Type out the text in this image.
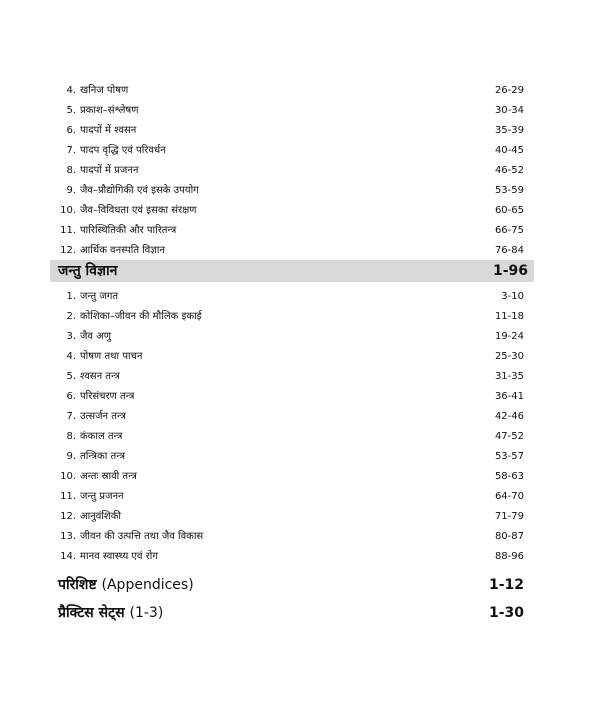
4. खनिज पोषण	26-29
5. प्रकाश–संश्लेषण	30-34
6. पादपों में श्वसन	35-39
7. पादप वृद्धि एवं परिवर्धन	40-45
8. पादपों में प्रजनन	46-52
9. जैव–प्रौद्योगिकी एवं इसके उपयोग	53-59
10. जैव–विविधता एवं इसका संरक्षण	60-65
11. पारिस्थितिकी और पारितन्त्र	66-75
12. आर्थिक वनस्पति विज्ञान	76-84
जन्तु विज्ञान	1-96
1. जन्तु जगत	3-10
2. कोशिका–जीवन की मौलिक इकाई	11-18
3. जैव अणु	19-24
4. पोषण तथा पाचन	25-30
5. श्वसन तन्त्र	31-35
6. परिसंचरण तन्त्र	36-41
7. उत्सर्जन तन्त्र	42-46
8. कंकाल तन्त्र	47-52
9. तन्त्रिका तन्त्र	53-57
10. अन्तः स्रावी तन्त्र	58-63
11. जन्तु प्रजनन	64-70
12. आनुवंशिकी	71-79
13. जीवन की उत्पत्ति तथा जैव विकास	80-87
14. मानव स्वास्थ्य एवं रोग	88-96
परिशिष्ट (Appendices)	1-12
प्रैक्टिस सेट्स (1-3)	1-30
